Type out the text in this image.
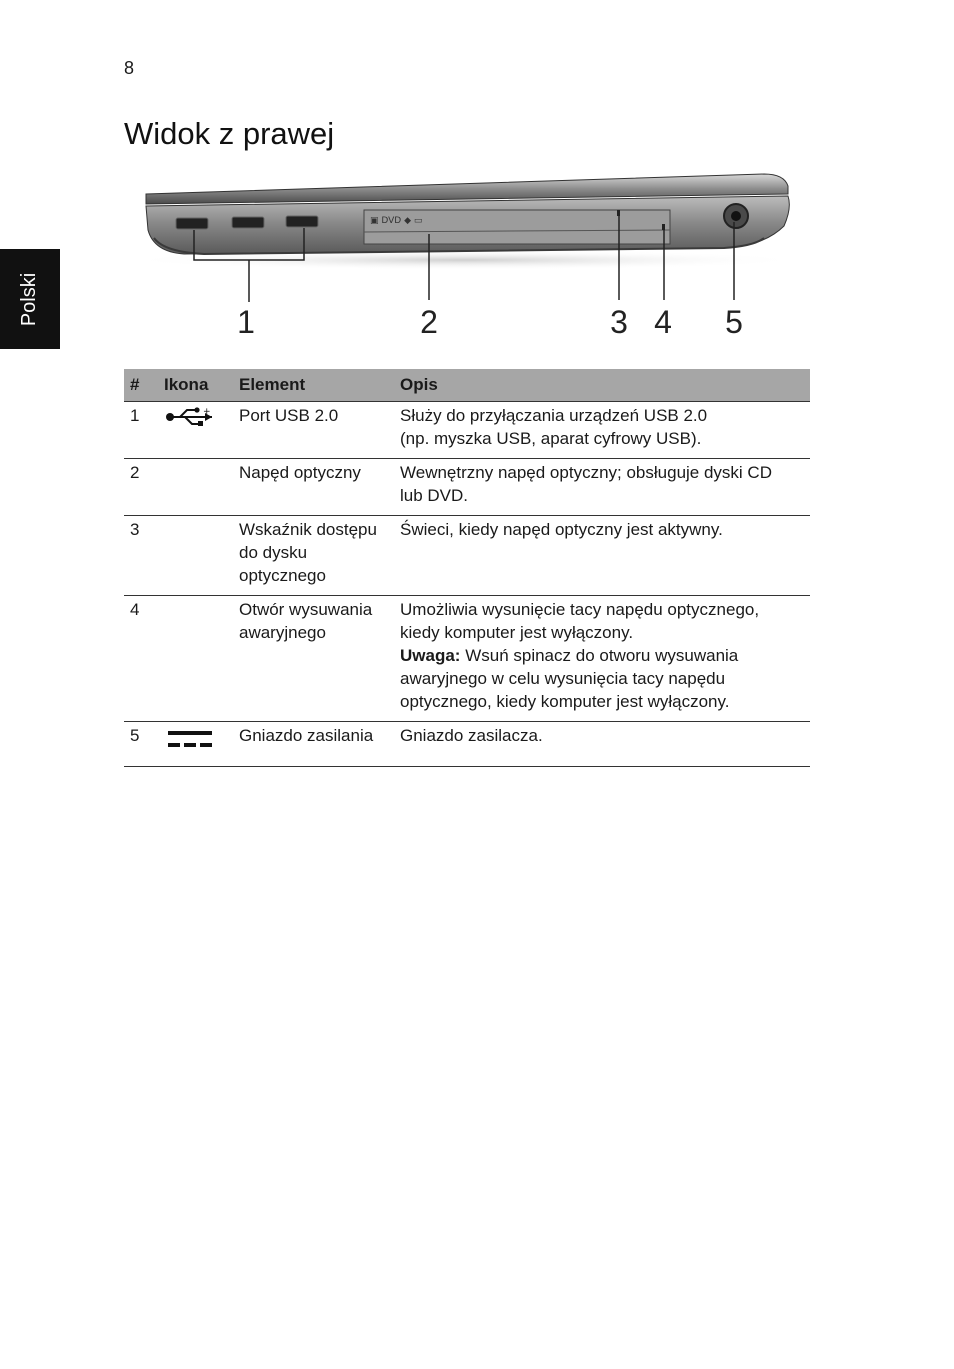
8
Polski
Widok z prawej
▣ DVD ◆ ▭
1	2	3 4 5
#	Ikona	Element	Opis
1	+	Port USB 2.0	Służy do przyłączania urządzeń USB 2.0
(np. myszka USB, aparat cyfrowy USB).

2		Napęd optyczny	Wewnętrzny napęd optyczny; obsługuje dyski CD
lub DVD.

3		Wskaźnik dostępu do dysku optycznego	Świeci, kiedy napęd optyczny jest aktywny.

4		Otwór wysuwania awaryjnego	Umożliwia wysunięcie tacy napędu optycznego,
kiedy komputer jest wyłączony.
Uwaga: Wsuń spinacz do otworu wysuwania awaryjnego w celu wysunięcia tacy napędu optycznego, kiedy komputer jest wyłączony.

5		Gniazdo zasilania	Gniazdo zasilacza.
